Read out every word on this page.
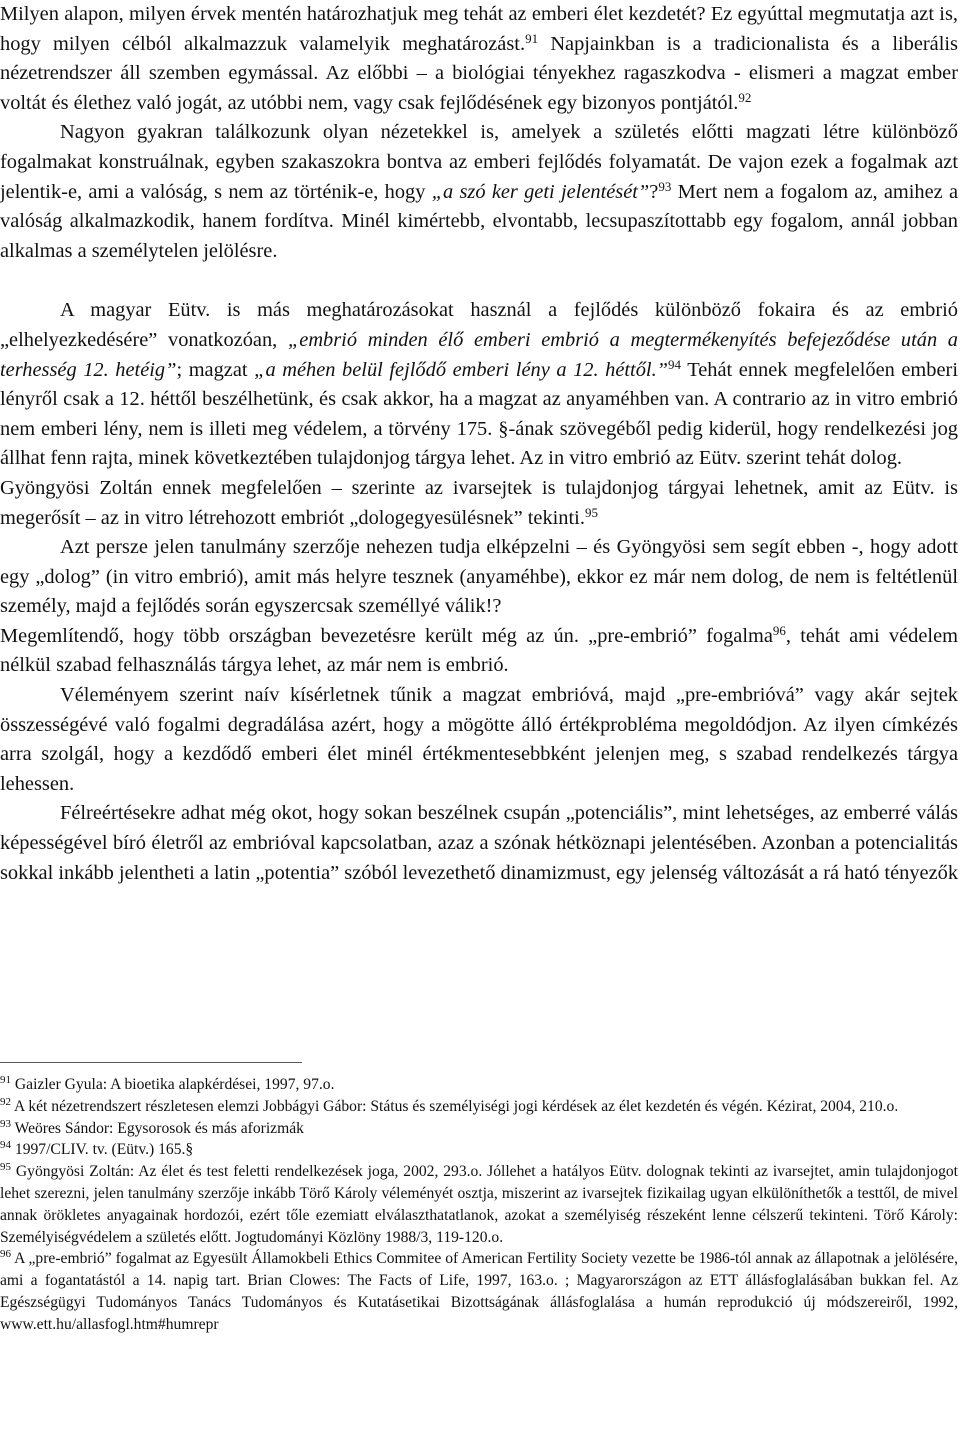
Milyen alapon, milyen érvek mentén határozhatjuk meg tehát az emberi élet kezdetét? Ez egyúttal megmutatja azt is, hogy milyen célból alkalmazzuk valamelyik meghatározást.$^{91}$ Napjainkban is a tradicionalista és a liberális nézetrendszer áll szemben egymással. Az előbbi – a biológiai tényekhez ragaszkodva - elismeri a magzat ember voltát és élethez való jogát, az utóbbi nem, vagy csak fejlődésének egy bizonyos pontjától.$^{92}$

Nagyon gyakran találkozunk olyan nézetekkel is, amelyek a születés előtti magzati létre különböző fogalmakat konstruálnak, egyben szakaszokra bontva az emberi fejlődés folyamatát. De vajon ezek a fogalmak azt jelentik-e, ami a valóság, s nem az történik-e, hogy „a szó ker geti jelentését”?$^{93}$ Mert nem a fogalom az, amihez a valóság alkalmazkodik, hanem fordítva. Minél kimértebb, elvontabb, lecsupaszítottabb egy fogalom, annál jobban alkalmas a személytelen jelölésre.

A magyar Eütv. is más meghatározásokat használ a fejlődés különböző fokaira és az embrió „elhelyezkedésére” vonatkozóan, „embrió minden élő emberi embrió a megtermékenyítés befejeződése után a terhesség 12. hetéig”; magzat „a méhen belül fejlődő emberi lény a 12. héttől.”$^{94}$ Tehát ennek megfelelően emberi lényről csak a 12. héttől beszélhetünk, és csak akkor, ha a magzat az anyaméhben van. A contrario az in vitro embrió nem emberi lény, nem is illeti meg védelem, a törvény 175. §-ának szövegéből pedig kiderül, hogy rendelkezési jog állhat fenn rajta, minek következtében tulajdonjog tárgya lehet. Az in vitro embrió az Eütv. szerint tehát dolog.

Gyöngyösi Zoltán ennek megfelelően – szerinte az ivarsejtek is tulajdonjog tárgyai lehetnek, amit az Eütv. is megerősít – az in vitro létrehozott embriót „dologegyesülésnek” tekinti.$^{95}$

Azt persze jelen tanulmány szerzője nehezen tudja elképzelni – és Gyöngyösi sem segít ebben -, hogy adott egy „dolog” (in vitro embrió), amit más helyre tesznek (anyaméhbe), ekkor ez már nem dolog, de nem is feltétlenül személy, majd a fejlődés során egyszercsak személlyé válik!?

Megemlítendő, hogy több országban bevezetésre került még az ún. „pre-embrió” fogalma$^{96}$, tehát ami védelem nélkül szabad felhasználás tárgya lehet, az már nem is embrió.

Véleményem szerint naív kísérletnek tűnik a magzat embrióvá, majd „pre-embrióvá” vagy akár sejtek összességévé való fogalmi degradálása azért, hogy a mögötte álló értékprobléma megoldódjon. Az ilyen címkézés arra szolgál, hogy a kezdődő emberi élet minél értékmentesebbként jelenjen meg, s szabad rendelkezés tárgya lehessen.

Félreértésekre adhat még okot, hogy sokan beszélnek csupán „potenciális”, mint lehetséges, az emberré válás képességével bíró életről az embrióval kapcsolatban, azaz a szónak hétköznapi jelentésében. Azonban a potencialitás sokkal inkább jelentheti a latin „potentia” szóból levezethető dinamizmust, egy jelenség változását a rá ható tényezők

$^{91}$ Gaizler Gyula: A bioetika alapkérdései, 1997, 97.o.

$^{92}$ A két nézetrendszert részletesen elemzi Jobbágyi Gábor: Státus és személyiségi jogi kérdések az élet kezdetén és végén. Kézirat, 2004, 210.o.

$^{93}$ Weöres Sándor: Egysorosok és más aforizmák

$^{94}$ 1997/CLIV. tv. (Eütv.) 165.§

$^{95}$ Gyöngyösi Zoltán: Az élet és test feletti rendelkezések joga, 2002, 293.o. Jóllehet a hatályos Eütv. dolognak tekinti az ivarsejtet, amin tulajdonjogot lehet szerezni, jelen tanulmány szerzője inkább Törő Károly véleményét osztja, miszerint az ivarsejtek fizikailag ugyan elkülöníthetők a testtől, de mivel annak örökletes anyagainak hordozói, ezért tőle ezemiatt elválaszthatatlanok, azokat a személyiség részeként lenne célszerű tekinteni. Törő Károly: Személyiségvédelem a születés előtt. Jogtudományi Közlöny 1988/3, 119-120.o.

$^{96}$ A „pre-embrió” fogalmat az Egyesült Államokbeli Ethics Commitee of American Fertility Society vezette be 1986-tól annak az állapotnak a jelölésére, ami a fogantatástól a 14. napig tart. Brian Clowes: The Facts of Life, 1997, 163.o. ; Magyarországon az ETT állásfoglalásában bukkan fel. Az Egészségügyi Tudományos Tanács Tudományos és Kutatásetikai Bizottságának állásfoglalása a humán reprodukció új módszereiről, 1992, www.ett.hu/allasfogl.htm#humrepr
